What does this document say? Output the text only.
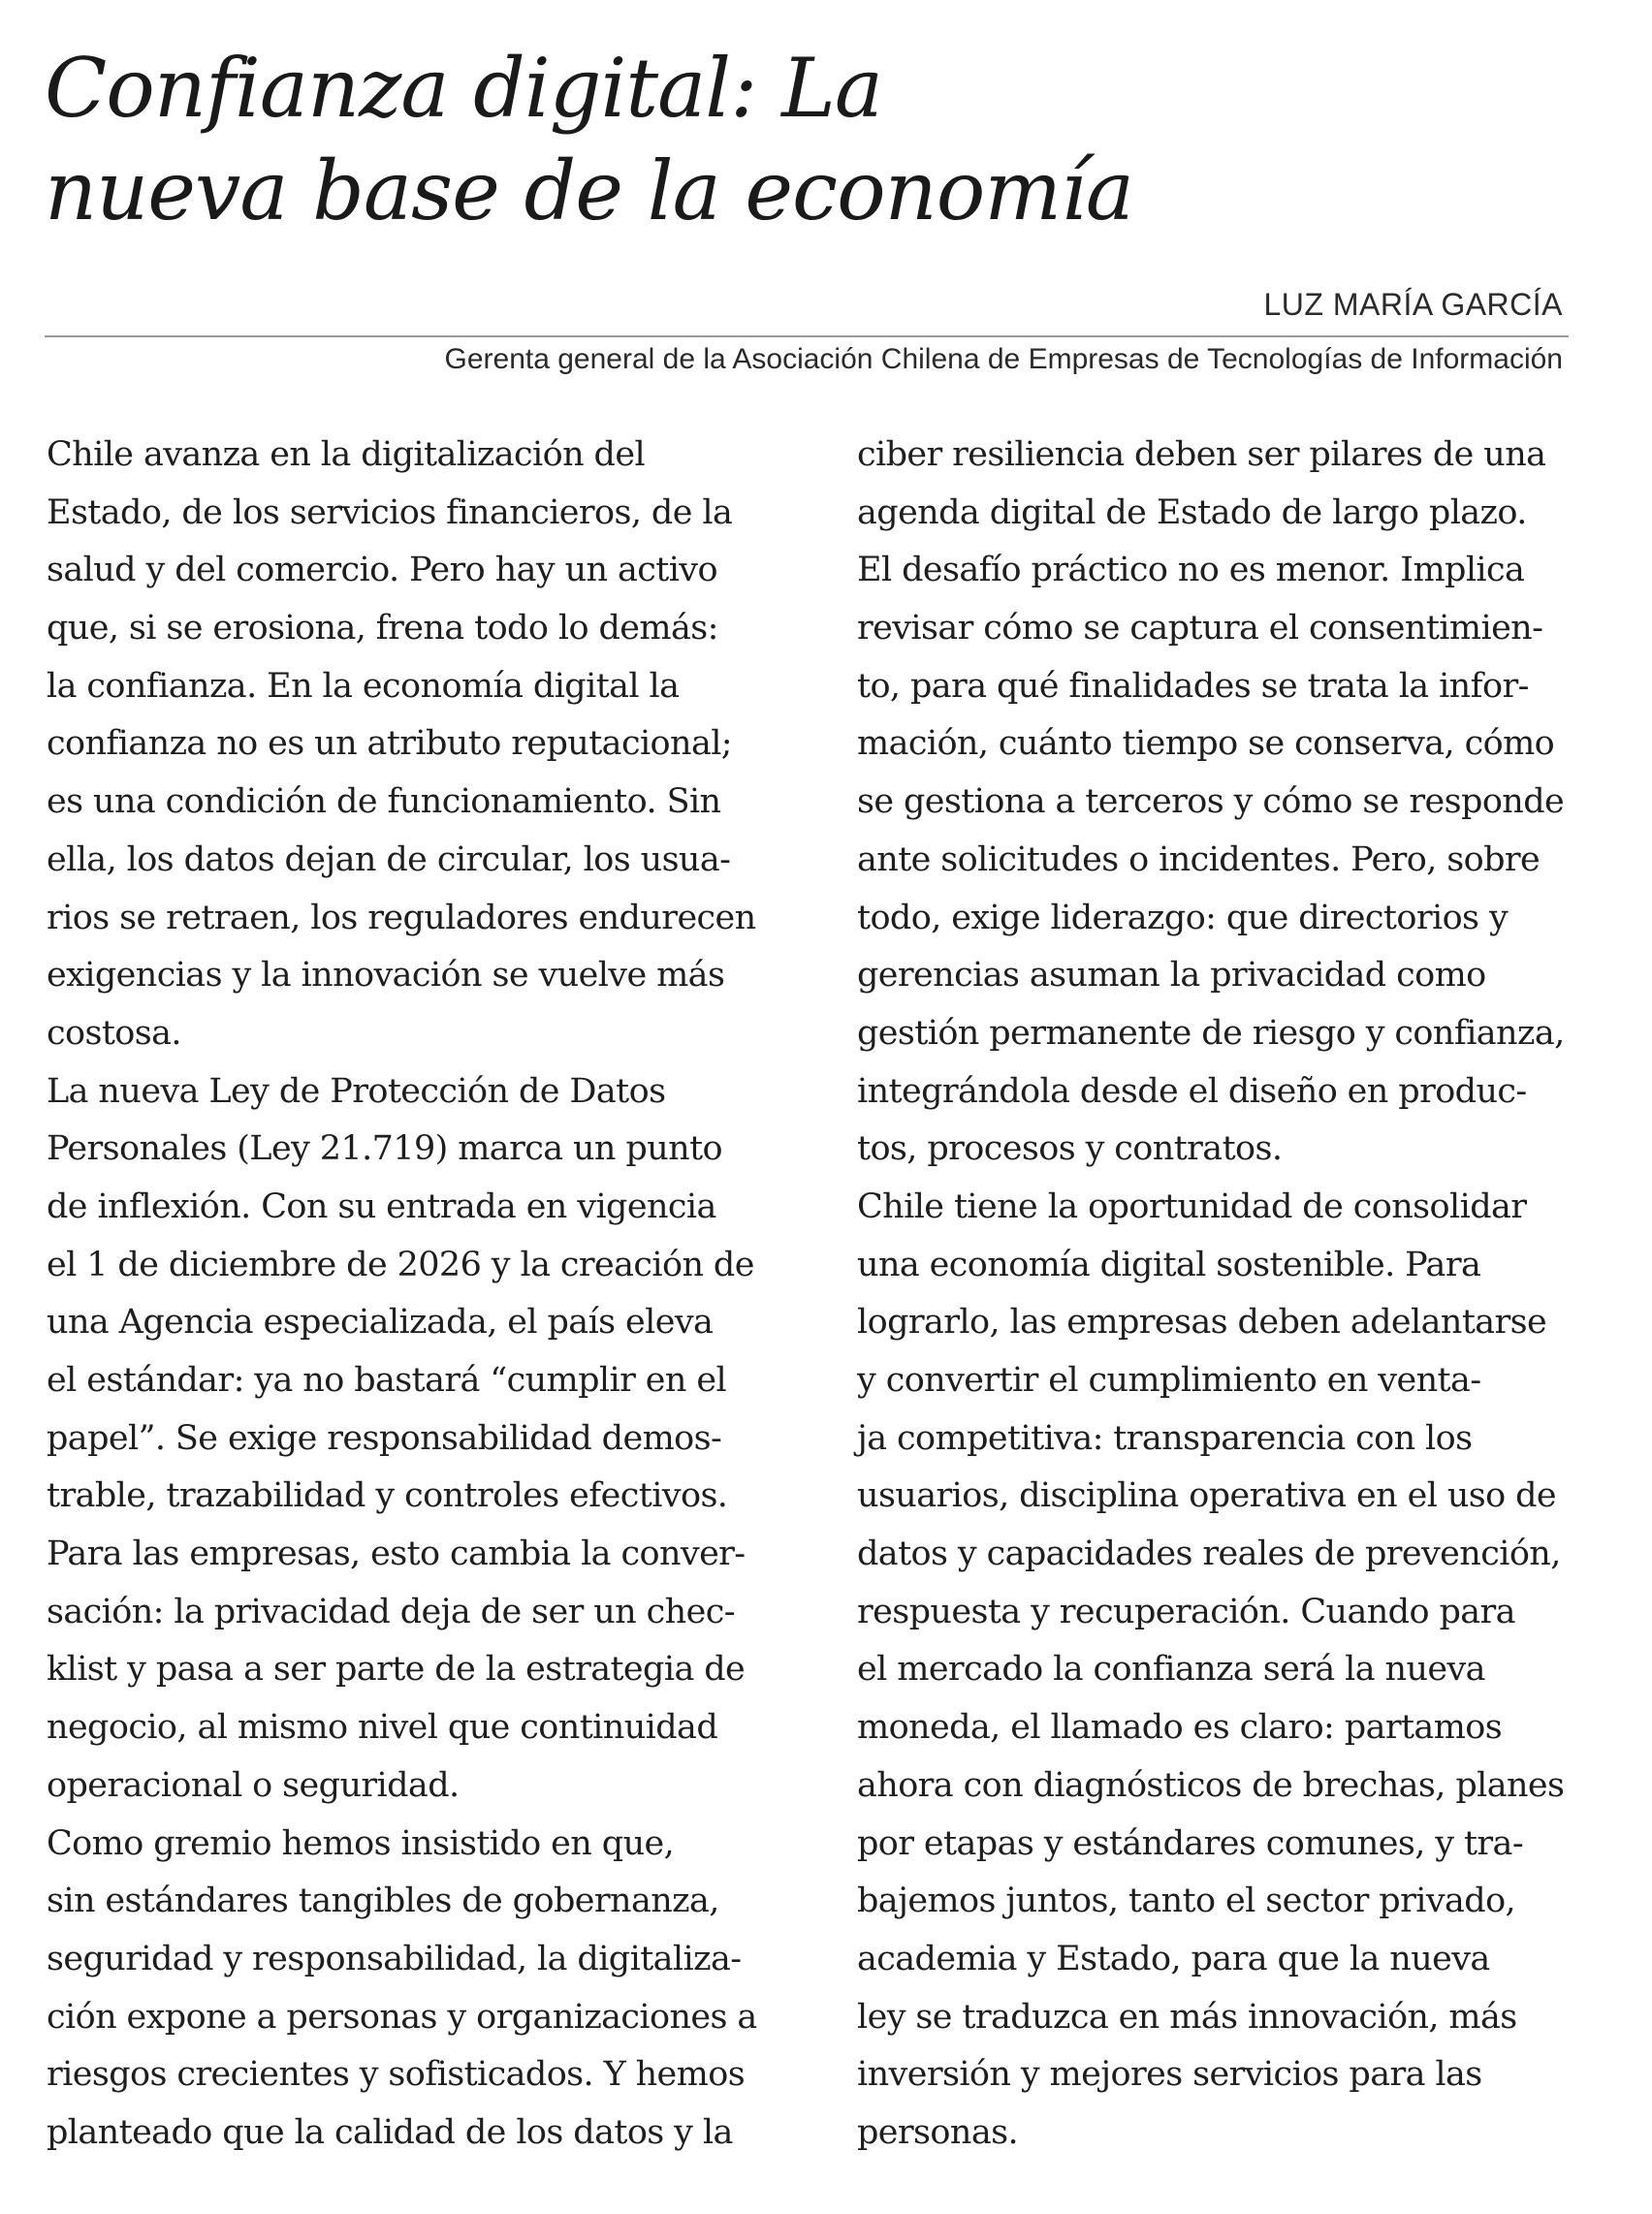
Confianza digital: La
nueva base de la economía
LUZ MARÍA GARCÍA
Gerenta general de la Asociación Chilena de Empresas de Tecnologías de Información
Chile avanza en la digitalización del
Estado, de los servicios financieros, de la
salud y del comercio. Pero hay un activo
que, si se erosiona, frena todo lo demás:
la confianza. En la economía digital la
confianza no es un atributo reputacional;
es una condición de funcionamiento. Sin
ella, los datos dejan de circular, los usua-
rios se retraen, los reguladores endurecen
exigencias y la innovación se vuelve más
costosa.
La nueva Ley de Protección de Datos
Personales (Ley 21.719) marca un punto
de inflexión. Con su entrada en vigencia
el 1 de diciembre de 2026 y la creación de
una Agencia especializada, el país eleva
el estándar: ya no bastará “cumplir en el
papel”. Se exige responsabilidad demos-
trable, trazabilidad y controles efectivos.
Para las empresas, esto cambia la conver-
sación: la privacidad deja de ser un chec-
klist y pasa a ser parte de la estrategia de
negocio, al mismo nivel que continuidad
operacional o seguridad.
Como gremio hemos insistido en que,
sin estándares tangibles de gobernanza,
seguridad y responsabilidad, la digitaliza-
ción expone a personas y organizaciones a
riesgos crecientes y sofisticados. Y hemos
planteado que la calidad de los datos y la
ciber resiliencia deben ser pilares de una
agenda digital de Estado de largo plazo.
El desafío práctico no es menor. Implica
revisar cómo se captura el consentimien-
to, para qué finalidades se trata la infor-
mación, cuánto tiempo se conserva, cómo
se gestiona a terceros y cómo se responde
ante solicitudes o incidentes. Pero, sobre
todo, exige liderazgo: que directorios y
gerencias asuman la privacidad como
gestión permanente de riesgo y confianza,
integrándola desde el diseño en produc-
tos, procesos y contratos.
Chile tiene la oportunidad de consolidar
una economía digital sostenible. Para
lograrlo, las empresas deben adelantarse
y convertir el cumplimiento en venta-
ja competitiva: transparencia con los
usuarios, disciplina operativa en el uso de
datos y capacidades reales de prevención,
respuesta y recuperación. Cuando para
el mercado la confianza será la nueva
moneda, el llamado es claro: partamos
ahora con diagnósticos de brechas, planes
por etapas y estándares comunes, y tra-
bajemos juntos, tanto el sector privado,
academia y Estado, para que la nueva
ley se traduzca en más innovación, más
inversión y mejores servicios para las
personas.
